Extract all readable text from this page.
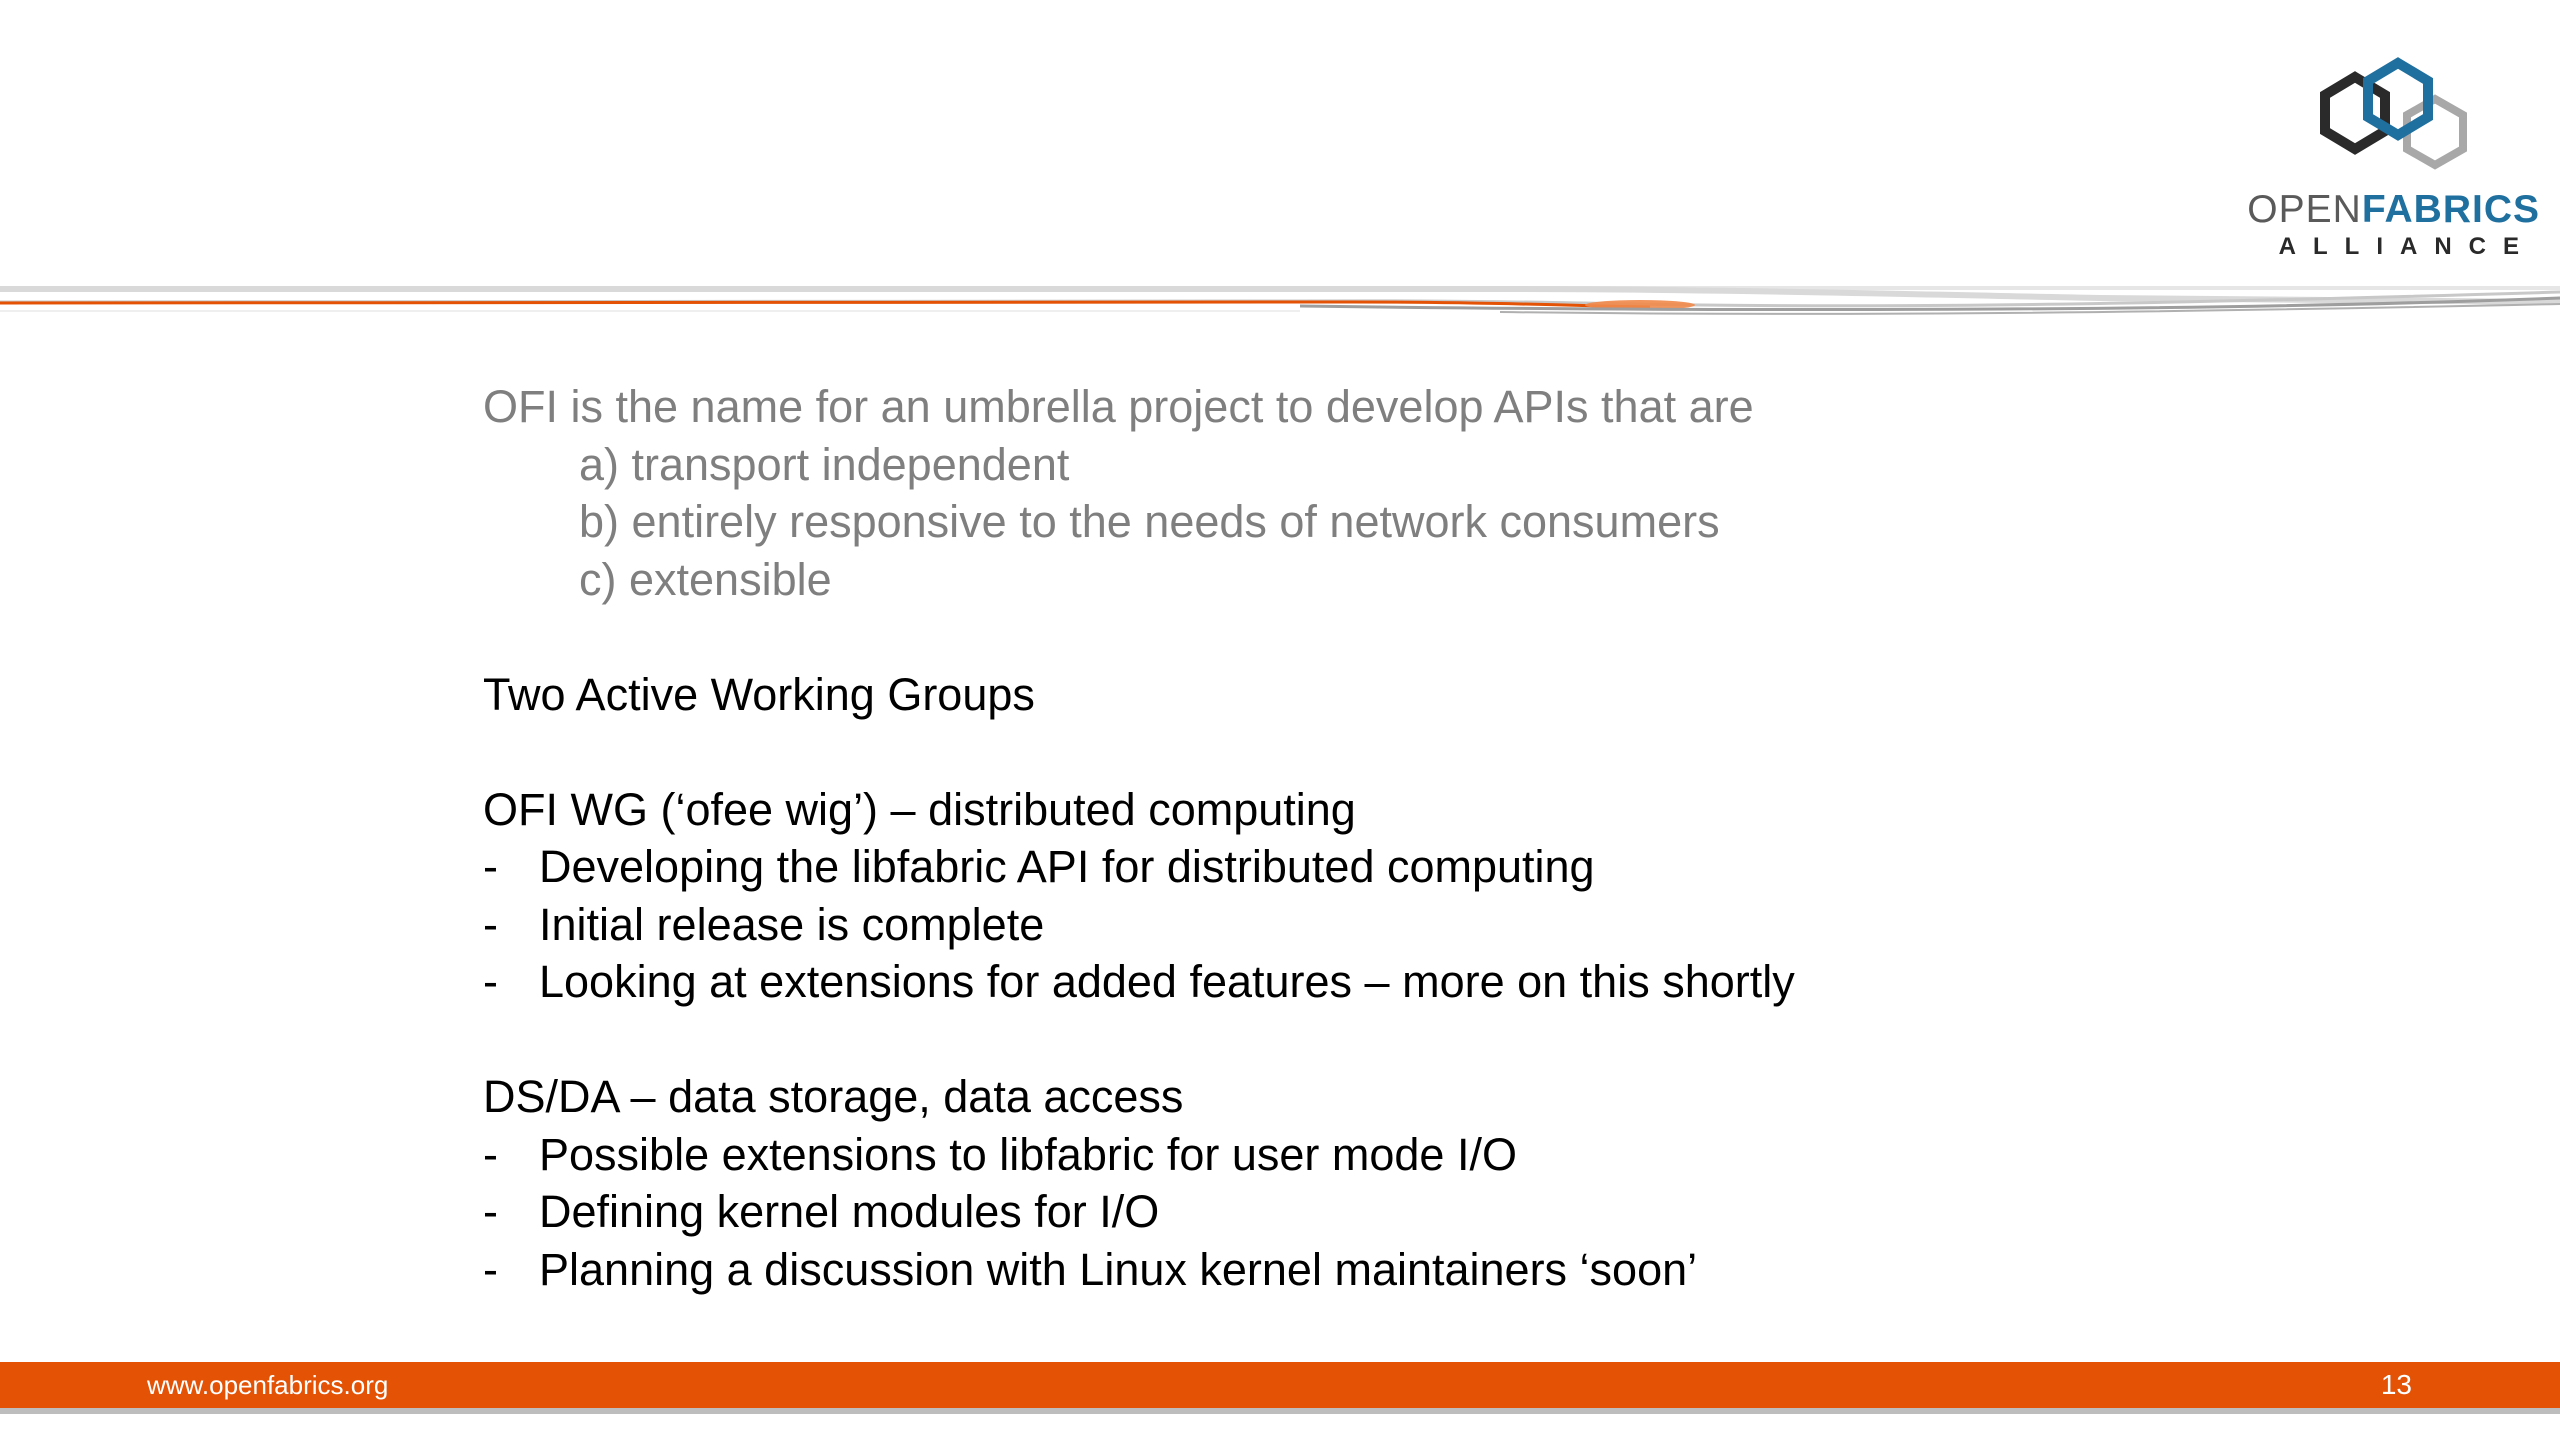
OPENFABRICS
ALLIANCE
OFI is the name for an umbrella project to develop APIs that are
a) transport independent
b) entirely responsive to the needs of network consumers
c) extensible
Two Active Working Groups
OFI WG (‘ofee wig’) – distributed computing
- Developing the libfabric API for distributed computing
- Initial release is complete
- Looking at extensions for added features – more on this shortly
DS/DA – data storage, data access
- Possible extensions to libfabric for user mode I/O
- Defining kernel modules for I/O
- Planning a discussion with Linux kernel maintainers ‘soon’
www.openfabrics.org	13
